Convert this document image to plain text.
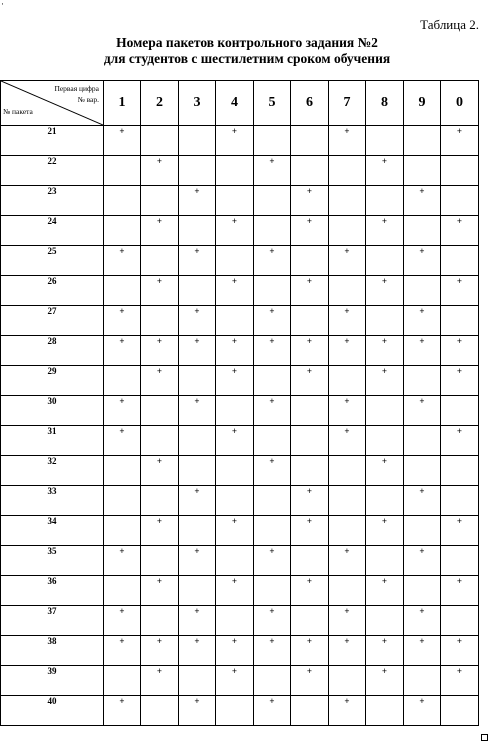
·
Таблица 2.
Номера пакетов контрольного задания №2
для студентов с шестилетним сроком обучения
Первая цифра
№ вар.
№ пакета	1	2	3	4	5	6	7	8	9	0
21	+			+			+			+
22		+			+			+		
23			+			+			+	
24		+		+		+		+		+
25	+		+		+		+		+	
26		+		+		+		+		+
27	+		+		+		+		+	
28	+	+	+	+	+	+	+	+	+	+
29		+		+		+		+		+
30	+		+		+		+		+	
31	+			+			+			+
32		+			+			+		
33			+			+			+	
34		+		+		+		+		+
35	+		+		+		+		+	
36		+		+		+		+		+
37	+		+		+		+		+	
38	+	+	+	+	+	+	+	+	+	+
39		+		+		+		+		+
40	+		+		+		+		+	
